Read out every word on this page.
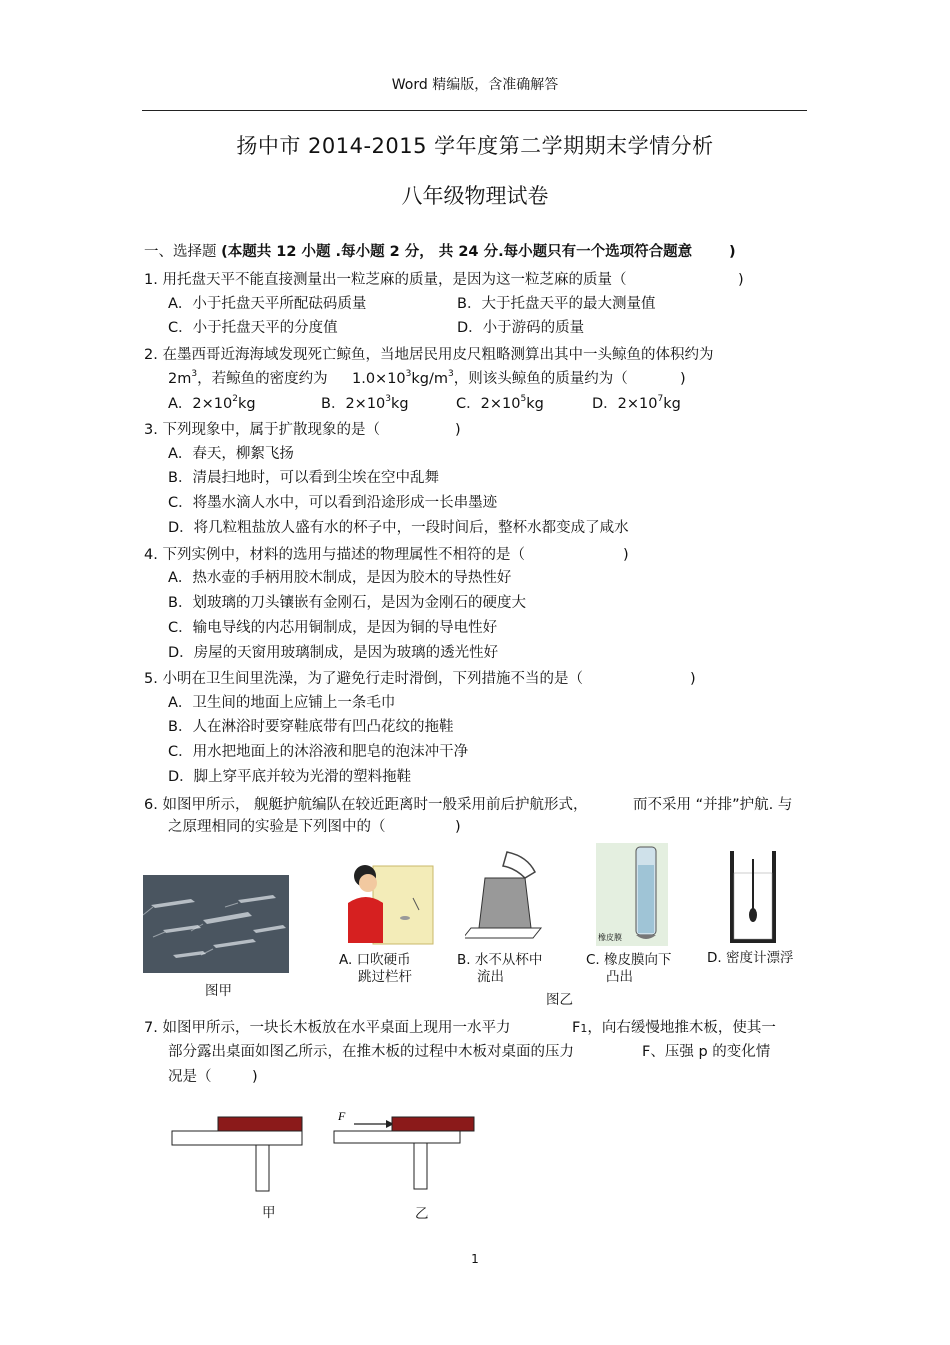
Word 精编版，含准确解答
扬中市 2014-2015 学年度第二学期期末学情分析
八年级物理试卷
一、选择题 (本题共 12 小题 .每小题 2 分， 共 24 分.每小题只有一个选项符合题意	)
1. 用托盘天平不能直接测量出一粒芝麻的质量，是因为这一粒芝麻的质量（	)
A．小于托盘天平所配砝码质量	B．大于托盘天平的最大测量值
C．小于托盘天平的分度值	D．小于游码的质量
2. 在墨西哥近海海域发现死亡鲸鱼，当地居民用皮尺粗略测算出其中一头鲸鱼的体积约为
$2m^3$，若鲸鱼的密度约为 $1.0\times 10^3kg/m^3$，则该头鲸鱼的质量约为（	)
A．$2\times 10^2kg$	B．$2\times 10^3kg$	C．$2\times 10^5kg$	D．$2\times 10^7kg$
3. 下列现象中，属于扩散现象的是（	)
A．春天，柳絮飞扬
B．清晨扫地时，可以看到尘埃在空中乱舞
C．将墨水滴人水中，可以看到沿途形成一长串墨迹
D．将几粒粗盐放人盛有水的杯子中，一段时间后，整杯水都变成了咸水
4. 下列实例中，材料的选用与描述的物理属性不相符的是（	)
A．热水壶的手柄用胶木制成，是因为胶木的导热性好
B．划玻璃的刀头镶嵌有金刚石，是因为金刚石的硬度大
C．输电导线的内芯用铜制成，是因为铜的导电性好
D．房屋的天窗用玻璃制成，是因为玻璃的透光性好
5. 小明在卫生间里洗澡，为了避免行走时滑倒，下列措施不当的是（	)
A．卫生间的地面上应铺上一条毛巾
B．人在淋浴时要穿鞋底带有凹凸花纹的拖鞋
C．用水把地面上的沐浴液和肥皂的泡沫冲干净
D．脚上穿平底并较为光滑的塑料拖鞋
6. 如图甲所示， 舰艇护航编队在较近距离时一般采用前后护航形式，	而不采用 “并排”护航. 与
之原理相同的实验是下列图中的（	)
图甲
A. 口吹硬币
跳过栏杆
B. 水不从杯中
流出
橡皮膜
C. 橡皮膜向下
凸出
D. 密度计漂浮
图乙
7. 如图甲所示，一块长木板放在水平桌面上现用一水平力	F1，向右缓慢地推木板，使其一
部分露出桌面如图乙所示，在推木板的过程中木板对桌面的压力	F、压强 p 的变化情
况是（	)
甲
F
乙
1
